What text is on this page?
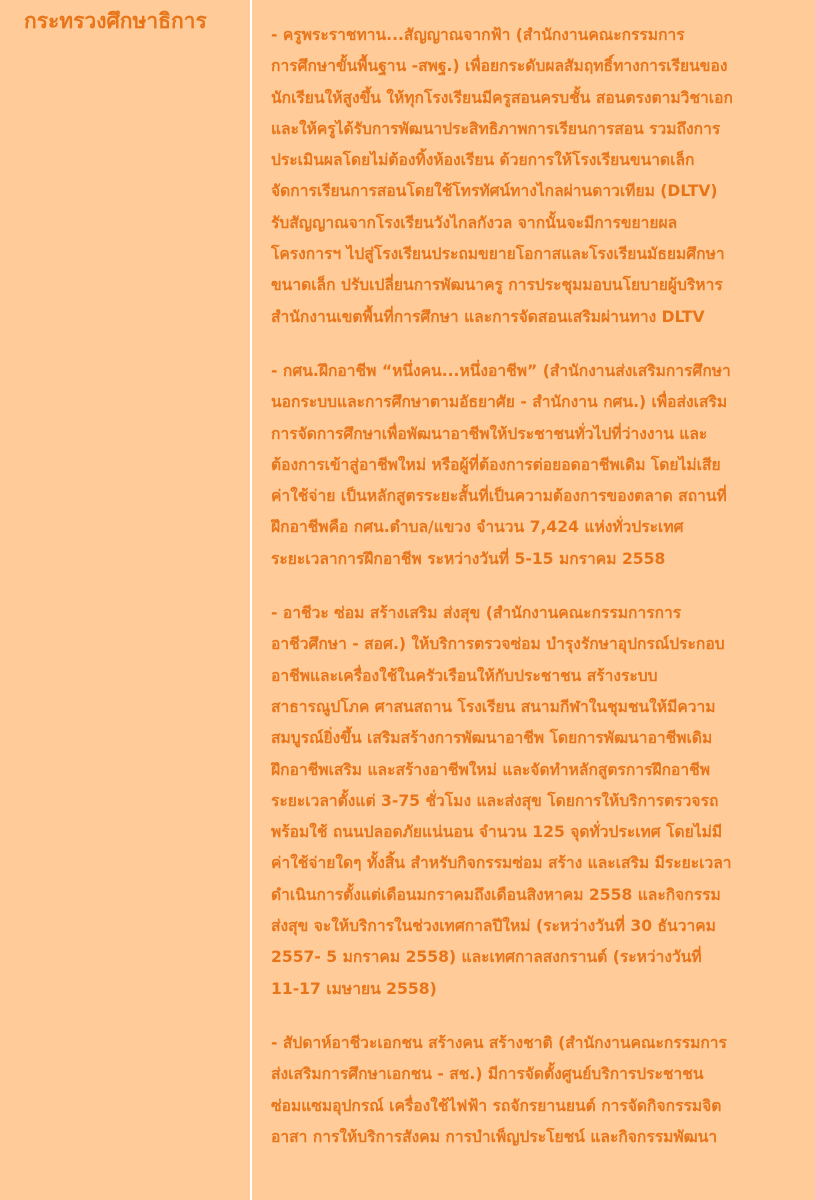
กระทรวงศึกษาธิการ
- ครูพระราชทาน...สัญญาณจากฟ้า (สำนักงานคณะกรรมการ
การศึกษาขั้นพื้นฐาน -สพฐ.) เพื่อยกระดับผลสัมฤทธิ์ทางการเรียนของ
นักเรียนให้สูงขึ้น ให้ทุกโรงเรียนมีครูสอนครบชั้น สอนตรงตามวิชาเอก
และให้ครูได้รับการพัฒนาประสิทธิภาพการเรียนการสอน รวมถึงการ
ประเมินผลโดยไม่ต้องทิ้งห้องเรียน ด้วยการให้โรงเรียนขนาดเล็ก
จัดการเรียนการสอนโดยใช้โทรทัศน์ทางไกลผ่านดาวเทียม (DLTV)
รับสัญญาณจากโรงเรียนวังไกลกังวล จากนั้นจะมีการขยายผล
โครงการฯ ไปสู่โรงเรียนประถมขยายโอกาสและโรงเรียนมัธยมศึกษา
ขนาดเล็ก ปรับเปลี่ยนการพัฒนาครู การประชุมมอบนโยบายผู้บริหาร
สำนักงานเขตพื้นที่การศึกษา และการจัดสอนเสริมผ่านทาง DLTV
- กศน.ฝึกอาชีพ “หนึ่งคน...หนึ่งอาชีพ” (สำนักงานส่งเสริมการศึกษา
นอกระบบและการศึกษาตามอัธยาศัย - สำนักงาน กศน.) เพื่อส่งเสริม
การจัดการศึกษาเพื่อพัฒนาอาชีพให้ประชาชนทั่วไปที่ว่างงาน และ
ต้องการเข้าสู่อาชีพใหม่ หรือผู้ที่ต้องการต่อยอดอาชีพเดิม โดยไม่เสีย
ค่าใช้จ่าย เป็นหลักสูตรระยะสั้นที่เป็นความต้องการของตลาด สถานที่
ฝึกอาชีพคือ กศน.ตำบล/แขวง จำนวน 7,424 แห่งทั่วประเทศ
ระยะเวลาการฝึกอาชีพ ระหว่างวันที่ 5-15 มกราคม 2558
- อาชีวะ ซ่อม สร้างเสริม ส่งสุข (สำนักงานคณะกรรมการการ
อาชีวศึกษา - สอศ.) ให้บริการตรวจซ่อม บำรุงรักษาอุปกรณ์ประกอบ
อาชีพและเครื่องใช้ในครัวเรือนให้กับประชาชน สร้างระบบ
สาธารณูปโภค ศาสนสถาน โรงเรียน สนามกีฬาในชุมชนให้มีความ
สมบูรณ์ยิ่งขึ้น เสริมสร้างการพัฒนาอาชีพ โดยการพัฒนาอาชีพเดิม
ฝึกอาชีพเสริม และสร้างอาชีพใหม่ และจัดทำหลักสูตรการฝึกอาชีพ
ระยะเวลาตั้งแต่ 3-75 ชั่วโมง และส่งสุข โดยการให้บริการตรวจรถ
พร้อมใช้ ถนนปลอดภัยแน่นอน จำนวน 125 จุดทั่วประเทศ โดยไม่มี
ค่าใช้จ่ายใดๆ ทั้งสิ้น สำหรับกิจกรรมซ่อม สร้าง และเสริม มีระยะเวลา
ดำเนินการตั้งแต่เดือนมกราคมถึงเดือนสิงหาคม 2558 และกิจกรรม
ส่งสุข จะให้บริการในช่วงเทศกาลปีใหม่ (ระหว่างวันที่ 30 ธันวาคม
2557- 5 มกราคม 2558) และเทศกาลสงกรานต์ (ระหว่างวันที่
11-17 เมษายน 2558)
- สัปดาห์อาชีวะเอกชน สร้างคน สร้างชาติ (สำนักงานคณะกรรมการ
ส่งเสริมการศึกษาเอกชน - สช.) มีการจัดตั้งศูนย์บริการประชาชน
ซ่อมแซมอุปกรณ์ เครื่องใช้ไฟฟ้า รถจักรยานยนต์ การจัดกิจกรรมจิต
อาสา การให้บริการสังคม การบำเพ็ญประโยชน์ และกิจกรรมพัฒนา
